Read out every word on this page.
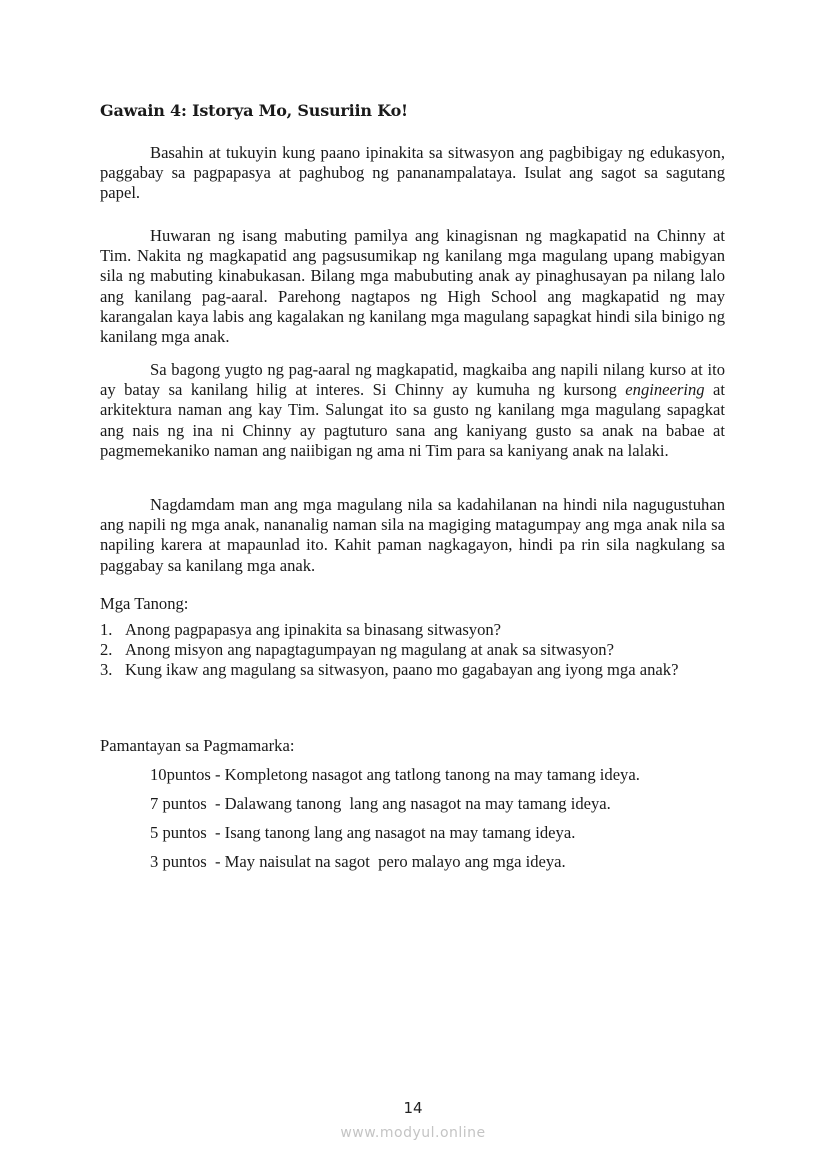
Gawain 4: Istorya Mo, Susuriin Ko!

Basahin at tukuyin kung paano ipinakita sa sitwasyon ang pagbibigay ng edukasyon, paggabay sa pagpapasya at paghubog ng pananampalataya. Isulat ang sagot sa sagutang papel.

Huwaran ng isang mabuting pamilya ang kinagisnan ng magkapatid na Chinny at Tim. Nakita ng magkapatid ang pagsusumikap ng kanilang mga magulang upang mabigyan sila ng mabuting kinabukasan. Bilang mga mabubuting anak ay pinaghusayan pa nilang lalo ang kanilang pag-aaral. Parehong nagtapos ng High School ang magkapatid ng may karangalan kaya labis ang kagalakan ng kanilang mga magulang sapagkat hindi sila binigo ng kanilang mga anak.

Sa bagong yugto ng pag-aaral ng magkapatid, magkaiba ang napili nilang kurso at ito ay batay sa kanilang hilig at interes. Si Chinny ay kumuha ng kursong engineering at arkitektura naman ang kay Tim. Salungat ito sa gusto ng kanilang mga magulang sapagkat ang nais ng ina ni Chinny ay pagtuturo sana ang kaniyang gusto sa anak na babae at pagmemekaniko naman ang naiibigan ng ama ni Tim para sa kaniyang anak na lalaki.

Nagdamdam man ang mga magulang nila sa kadahilanan na hindi nila nagugustuhan ang napili ng mga anak, nananalig naman sila na magiging matagumpay ang mga anak nila sa napiling karera at mapaunlad ito. Kahit paman nagkagayon, hindi pa rin sila nagkulang sa paggabay sa kanilang mga anak.

Mga Tanong:
1. Anong pagpapasya ang ipinakita sa binasang sitwasyon?
2. Anong misyon ang napagtagumpayan ng magulang at anak sa sitwasyon?
3. Kung ikaw ang magulang sa sitwasyon, paano mo gagabayan ang iyong mga anak?
Pamantayan sa Pagmamarka:
10puntos - Kompletong nasagot ang tatlong tanong na may tamang ideya.
7 puntos  - Dalawang tanong  lang ang nasagot na may tamang ideya.
5 puntos  - Isang tanong lang ang nasagot na may tamang ideya.
3 puntos  - May naisulat na sagot  pero malayo ang mga ideya.
14
www.modyul.online
